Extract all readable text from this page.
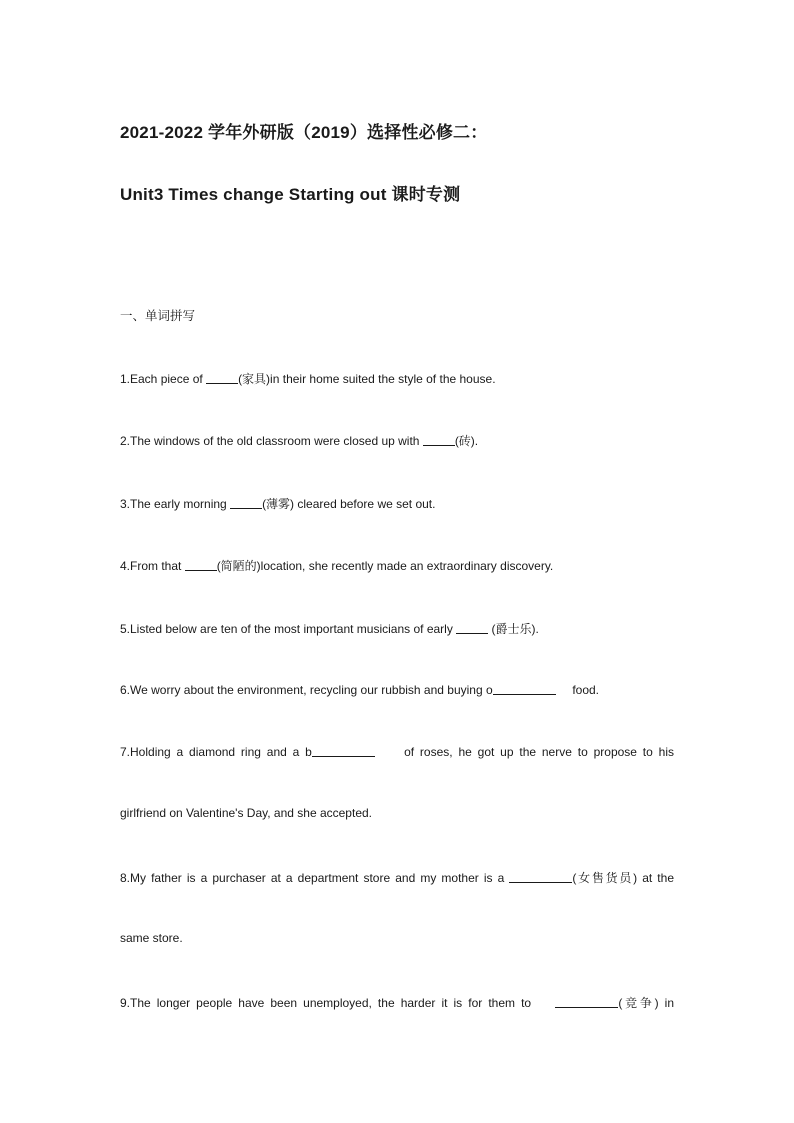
2021-2022 学年外研版（2019）选择性必修二：
Unit3 Times change Starting out 课时专测
一、单词拼写
1.Each piece of	(家具)in their home suited the style of the house.
2.The windows of the old classroom were closed up with	(砖).
3.The early morning	(薄雾) cleared before we set out.
4.From that	(简陋的)location, she recently made an extraordinary discovery.
5.Listed below are ten of the most important musicians of early	(爵士乐).
6.We worry about the environment, recycling our rubbish and buying o	food.
7.Holding a diamond ring and a b	of roses, he got up the nerve to propose to his
girlfriend on Valentine's Day, and she accepted.
8.My father is a purchaser at a department store and my mother is a	(女售货员) at the
same store.
9.The longer people have been unemployed, the harder it is for them to	(竞争) in
